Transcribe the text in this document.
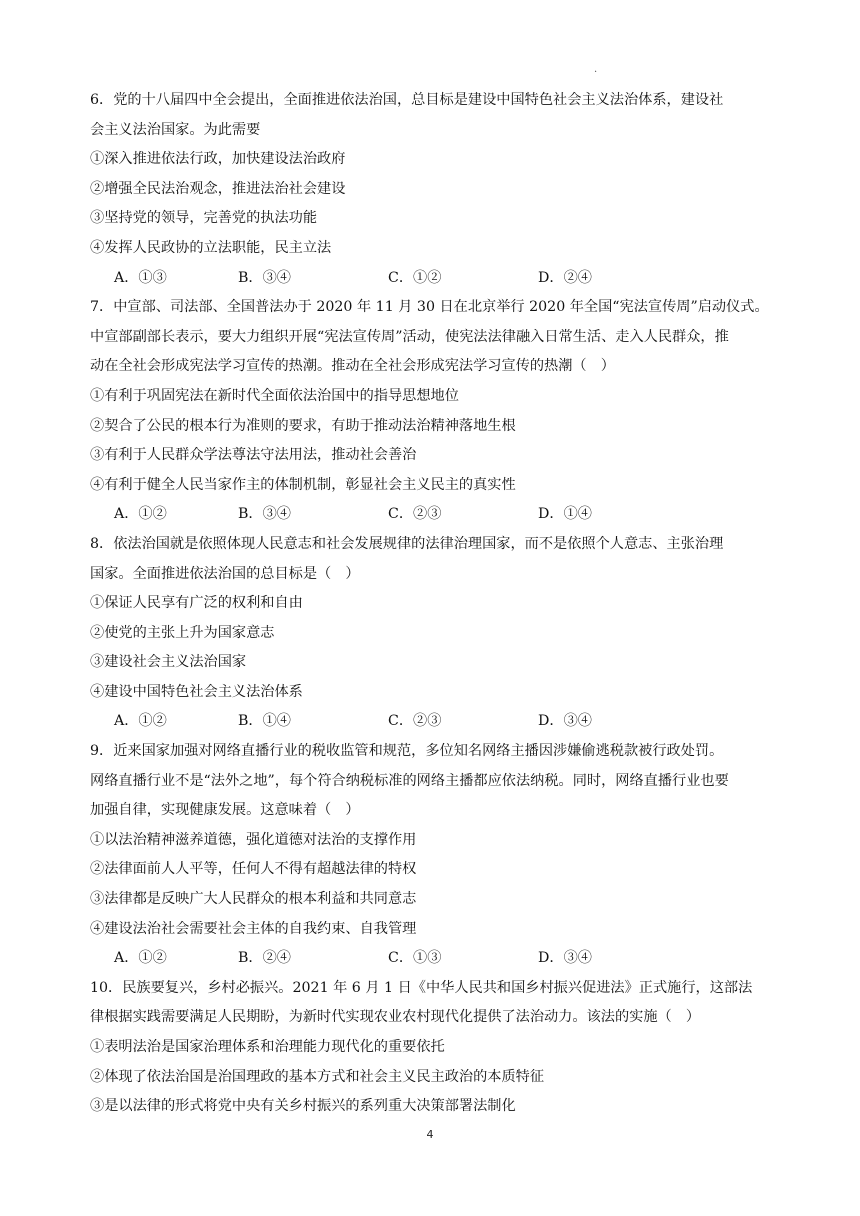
.
6．党的十八届四中全会提出，全面推进依法治国，总目标是建设中国特色社会主义法治体系，建设社
会主义法治国家。为此需要
①深入推进依法行政，加快建设法治政府
②增强全民法治观念，推进法治社会建设
③坚持党的领导，完善党的执法功能
④发挥人民政协的立法职能，民主立法
A．①③	B．③④	C．①②	D．②④
7．中宣部、司法部、全国普法办于 2020 年 11 月 30 日在北京举行 2020 年全国“宪法宣传周”启动仪式。
中宣部副部长表示，要大力组织开展“宪法宣传周”活动，使宪法法律融入日常生活、走入人民群众，推
动在全社会形成宪法学习宣传的热潮。推动在全社会形成宪法学习宣传的热潮（　）
①有利于巩固宪法在新时代全面依法治国中的指导思想地位
②契合了公民的根本行为准则的要求，有助于推动法治精神落地生根
③有利于人民群众学法尊法守法用法，推动社会善治
④有利于健全人民当家作主的体制机制，彰显社会主义民主的真实性
A．①②	B．③④	C．②③	D．①④
8．依法治国就是依照体现人民意志和社会发展规律的法律治理国家，而不是依照个人意志、主张治理
国家。全面推进依法治国的总目标是（　）
①保证人民享有广泛的权利和自由
②使党的主张上升为国家意志
③建设社会主义法治国家
④建设中国特色社会主义法治体系
A．①②	B．①④	C．②③	D．③④
9．近来国家加强对网络直播行业的税收监管和规范，多位知名网络主播因涉嫌偷逃税款被行政处罚。
网络直播行业不是“法外之地”，每个符合纳税标准的网络主播都应依法纳税。同时，网络直播行业也要
加强自律，实现健康发展。这意味着（　）
①以法治精神滋养道德，强化道德对法治的支撑作用
②法律面前人人平等，任何人不得有超越法律的特权
③法律都是反映广大人民群众的根本利益和共同意志
④建设法治社会需要社会主体的自我约束、自我管理
A．①②	B．②④	C．①③	D．③④
10．民族要复兴，乡村必振兴。2021 年 6 月 1 日《中华人民共和国乡村振兴促进法》正式施行，这部法
律根据实践需要满足人民期盼，为新时代实现农业农村现代化提供了法治动力。该法的实施（　）
①表明法治是国家治理体系和治理能力现代化的重要依托
②体现了依法治国是治国理政的基本方式和社会主义民主政治的本质特征
③是以法律的形式将党中央有关乡村振兴的系列重大决策部署法制化
4
